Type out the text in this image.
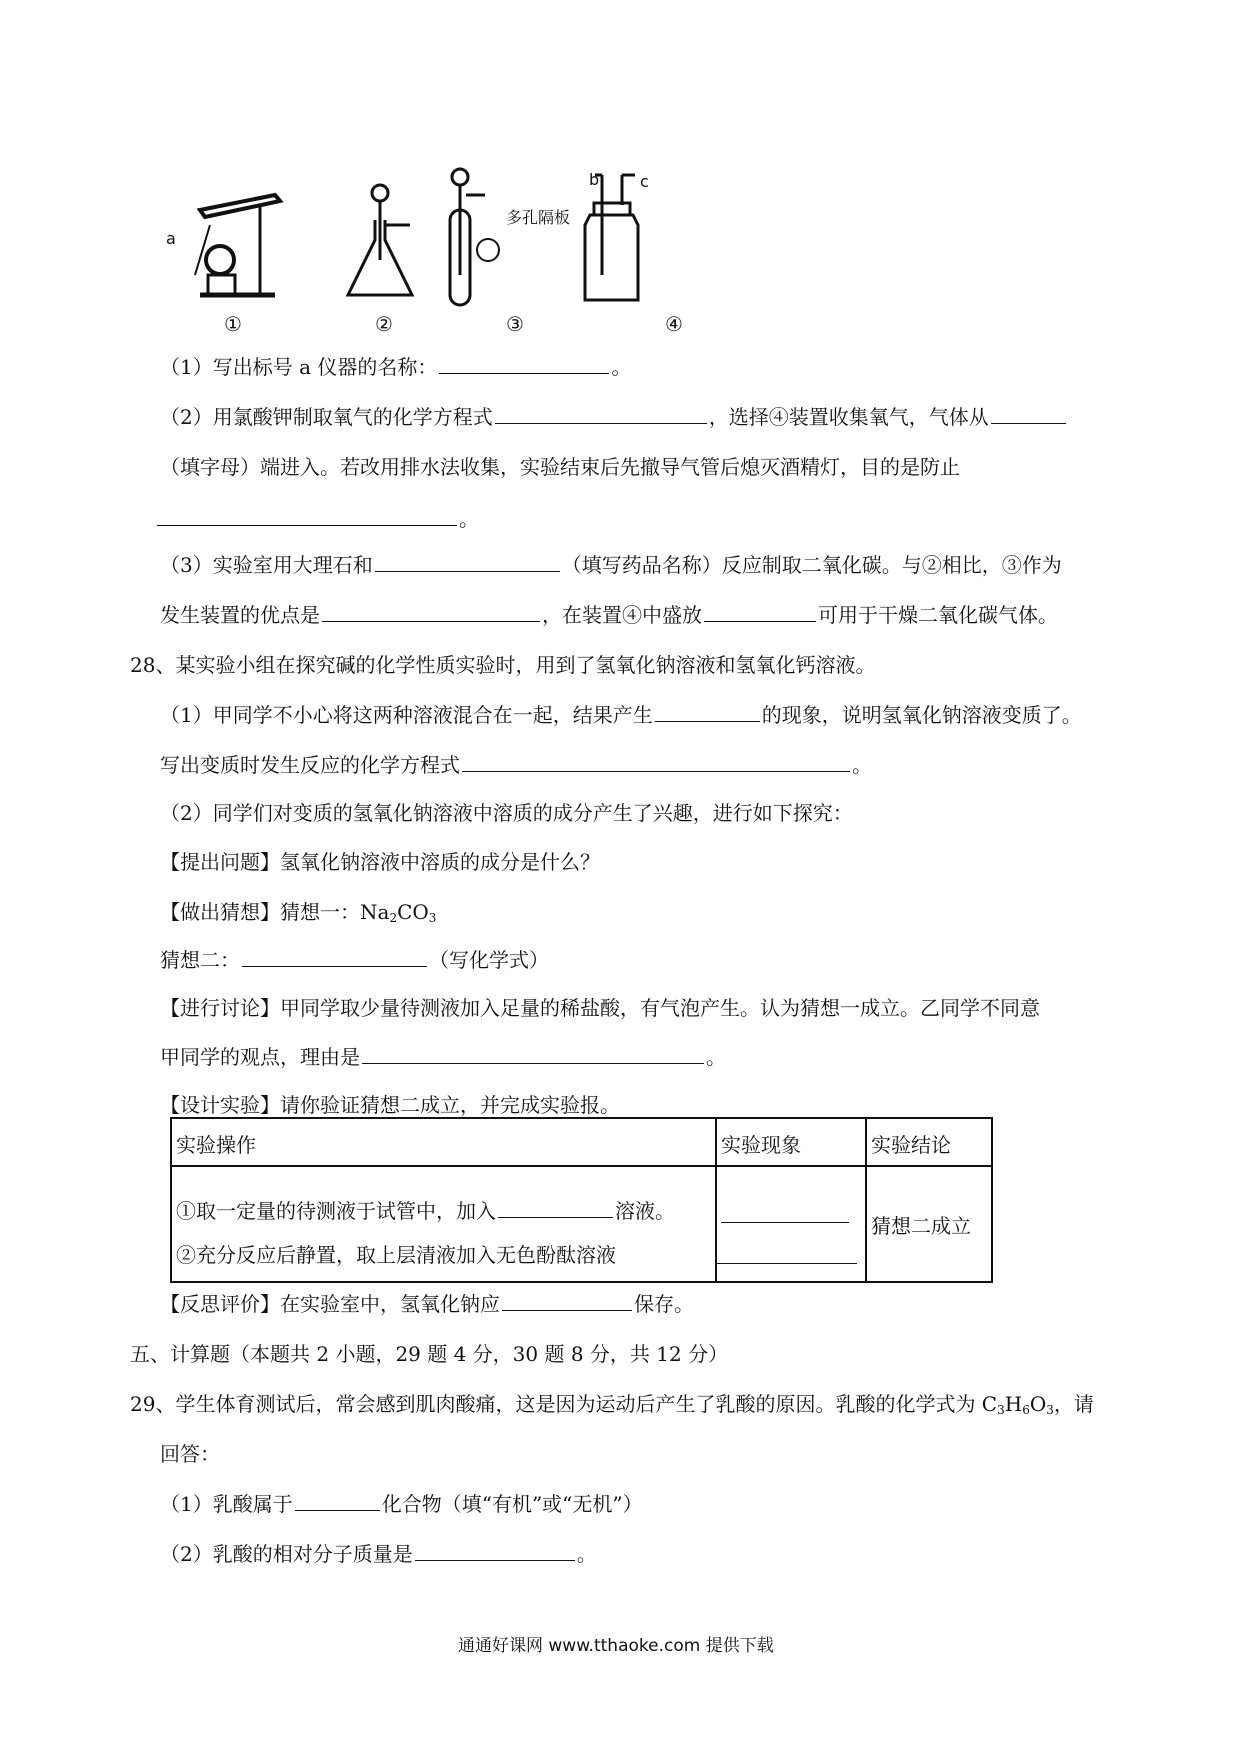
a
b	c
多孔隔板
①	②	③	④
（1）写出标号 a 仪器的名称：	。
（2）用氯酸钾制取氧气的化学方程式	，选择④装置收集氧气，气体从
（填字母）端进入。若改用排水法收集，实验结束后先撤导气管后熄灭酒精灯，目的是防止
。
（3）实验室用大理石和	（填写药品名称）反应制取二氧化碳。与②相比，③作为
发生装置的优点是	，在装置④中盛放	可用于干燥二氧化碳气体。
28、某实验小组在探究碱的化学性质实验时，用到了氢氧化钠溶液和氢氧化钙溶液。
（1）甲同学不小心将这两种溶液混合在一起，结果产生	的现象，说明氢氧化钠溶液变质了。
写出变质时发生反应的化学方程式	。
（2）同学们对变质的氢氧化钠溶液中溶质的成分产生了兴趣，进行如下探究：
【提出问题】氢氧化钠溶液中溶质的成分是什么？
【做出猜想】猜想一：$Na_2CO_3$
猜想二：	（写化学式）
【进行讨论】甲同学取少量待测液加入足量的稀盐酸，有气泡产生。认为猜想一成立。乙同学不同意
甲同学的观点，理由是	。
【设计实验】请你验证猜想二成立，并完成实验报。
实验操作	实验现象	实验结论

①取一定量的待测液于试管中，加入 溶液。
②充分反应后静置，取上层清液加入无色酚酞溶液		猜想二成立
【反思评价】在实验室中，氢氧化钠应	保存。
五、计算题（本题共 2 小题，29 题 4 分，30 题 8 分，共 12 分）
29、学生体育测试后，常会感到肌肉酸痛，这是因为运动后产生了乳酸的原因。乳酸的化学式为 $C_3H_6O_3$，请
回答：
（1）乳酸属于	化合物（填“有机”或“无机”）
（2）乳酸的相对分子质量是	。
通通好课网 www.tthaoke.com 提供下载
